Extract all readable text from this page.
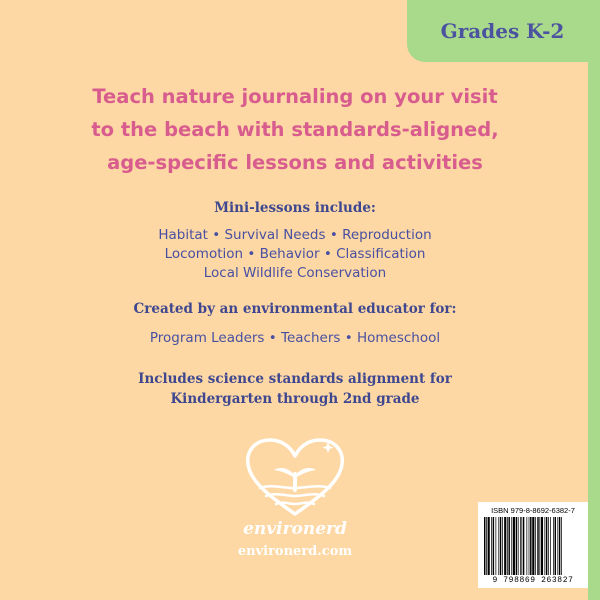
Grades K-2
Teach nature journaling on your visit
to the beach with standards-aligned,
age-specific lessons and activities
Mini-lessons include:
Habitat • Survival Needs • Reproduction
Locomotion • Behavior • Classification
Local Wildlife Conservation
Created by an environmental educator for:
Program Leaders • Teachers • Homeschool
Includes science standards alignment for
Kindergarten through 2nd grade
environerd
environerd.com
ISBN 979-8-8692-6382-7
9 798869 263827
